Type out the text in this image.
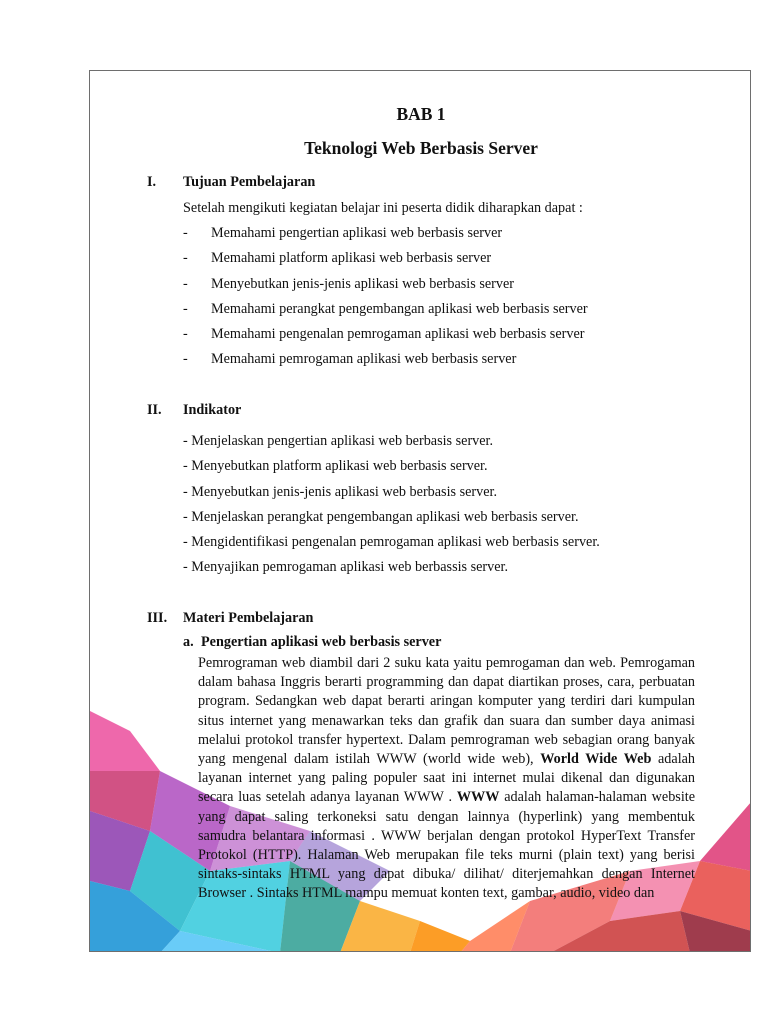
BAB 1
Teknologi Web Berbasis Server
I. Tujuan Pembelajaran
Setelah mengikuti kegiatan belajar ini peserta didik diharapkan dapat :
- Memahami pengertian aplikasi web berbasis server
- Memahami platform aplikasi web berbasis server
- Menyebutkan jenis-jenis aplikasi web berbasis server
- Memahami perangkat pengembangan aplikasi web berbasis server
- Memahami pengenalan pemrogaman aplikasi web berbasis server
- Memahami pemrogaman aplikasi web berbasis server
II. Indikator
- Menjelaskan pengertian aplikasi web berbasis server.
- Menyebutkan platform aplikasi web berbasis server.
- Menyebutkan jenis-jenis aplikasi web berbasis server.
- Menjelaskan perangkat pengembangan aplikasi web berbasis server.
- Mengidentifikasi pengenalan pemrogaman aplikasi web berbasis server.
- Menyajikan pemrogaman aplikasi web berbassis server.
III. Materi Pembelajaran
a. Pengertian aplikasi web berbasis server
Pemrograman web diambil dari 2 suku kata yaitu pemrogaman dan web. Pemrogaman dalam bahasa Inggris berarti programming dan dapat diartikan proses, cara, perbuatan program. Sedangkan web dapat berarti aringan komputer yang terdiri dari kumpulan situs internet yang menawarkan teks dan grafik dan suara dan sumber daya animasi melalui protokol transfer hypertext. Dalam pemrograman web sebagian orang banyak yang mengenal dalam istilah WWW (world wide web), World Wide Web adalah layanan internet yang paling populer saat ini internet mulai dikenal dan digunakan secara luas setelah adanya layanan WWW . WWW adalah halaman-halaman website yang dapat saling terkoneksi satu dengan lainnya (hyperlink) yang membentuk samudra belantara informasi . WWW berjalan dengan protokol HyperText Transfer Protokol (HTTP). Halaman Web merupakan file teks murni (plain text) yang berisi sintaks-sintaks HTML yang dapat dibuka/ dilihat/ diterjemahkan dengan Internet Browser . Sintaks HTML mampu memuat konten text, gambar, audio, video dan
